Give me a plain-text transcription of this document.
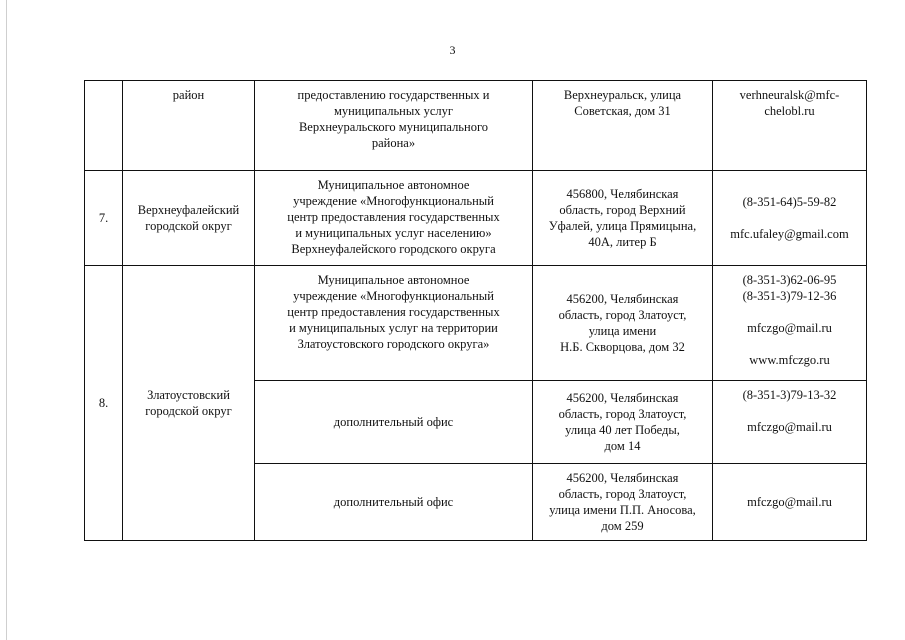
3

	район	предоставлению государственных и
муниципальных услуг
Верхнеуральского муниципального
района»	Верхнеуральск, улица
Советская, дом 31	verhneuralsk@mfc-
chelobl.ru

7.	Верхнеуфалейский
городской округ	Муниципальное автономное
учреждение «Многофункциональный
центр предоставления государственных
и муниципальных услуг населению»
Верхнеуфалейского городского округа	456800, Челябинская
область, город Верхний
Уфалей, улица Прямицына,
40А, литер Б	(8-351-64)5-59-82

mfc.ufaley@gmail.com

8.	Златоустовский
городской округ	Муниципальное автономное
учреждение «Многофункциональный
центр предоставления государственных
и муниципальных услуг на территории
Златоустовского городского округа»	456200, Челябинская
область, город Златоуст,
улица имени
Н.Б. Скворцова, дом 32	(8-351-3)62-06-95
(8-351-3)79-12-36

mfczgo@mail.ru

www.mfczgo.ru

		дополнительный офис	456200, Челябинская
область, город Златоуст,
улица 40 лет Победы,
дом 14	(8-351-3)79-13-32

mfczgo@mail.ru

		дополнительный офис	456200, Челябинская
область, город Златоуст,
улица имени П.П. Аносова,
дом 259	mfczgo@mail.ru
